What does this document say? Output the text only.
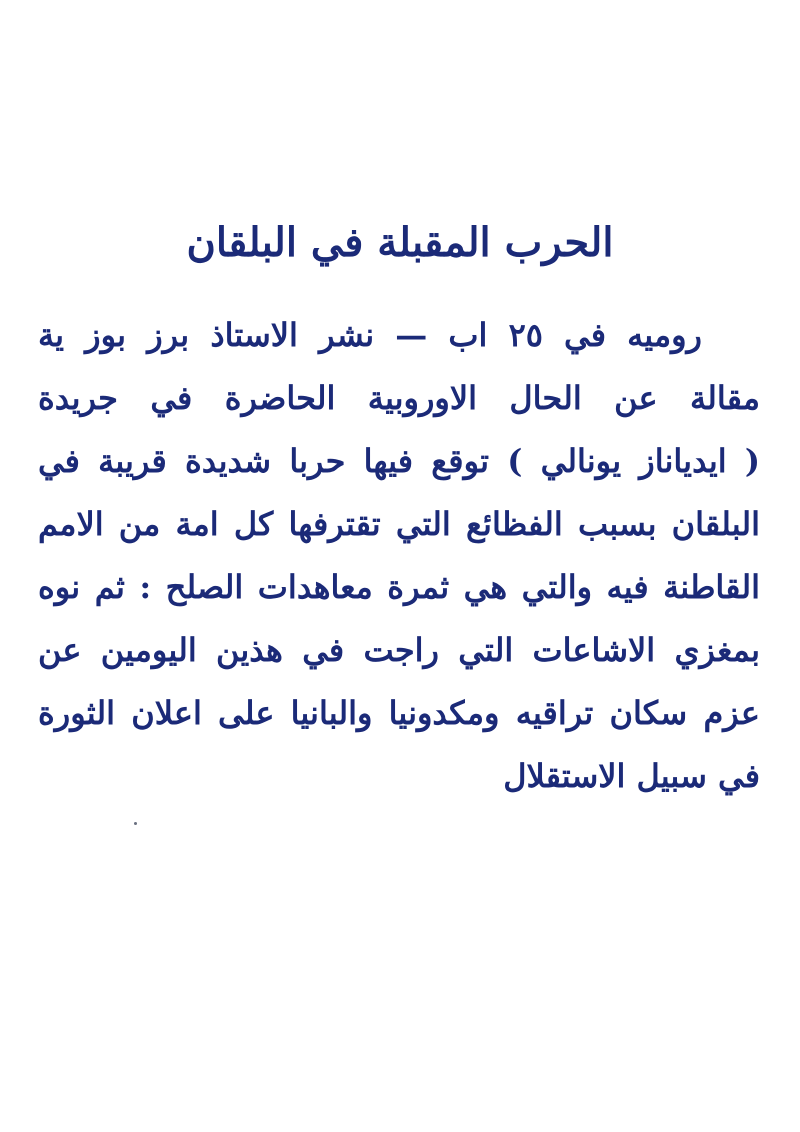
الحرب المقبلة في البلقان
روميه في ٢٥ اب — نشر الاستاذ برز بوز ية
مقالة عن الحال الاوروبية الحاضرة في جريدة
( ايدياناز يونالي ) توقع فيها حربا شديدة قريبة في
البلقان بسبب الفظائع التي تقترفها كل امة من الامم
القاطنة فيه والتي هي ثمرة معاهدات الصلح : ثم نوه
بمغزي الاشاعات التي راجت في هذين اليومين عن
عزم سكان تراقيه ومكدونيا والبانيا على اعلان الثورة
في سبيل الاستقلال
